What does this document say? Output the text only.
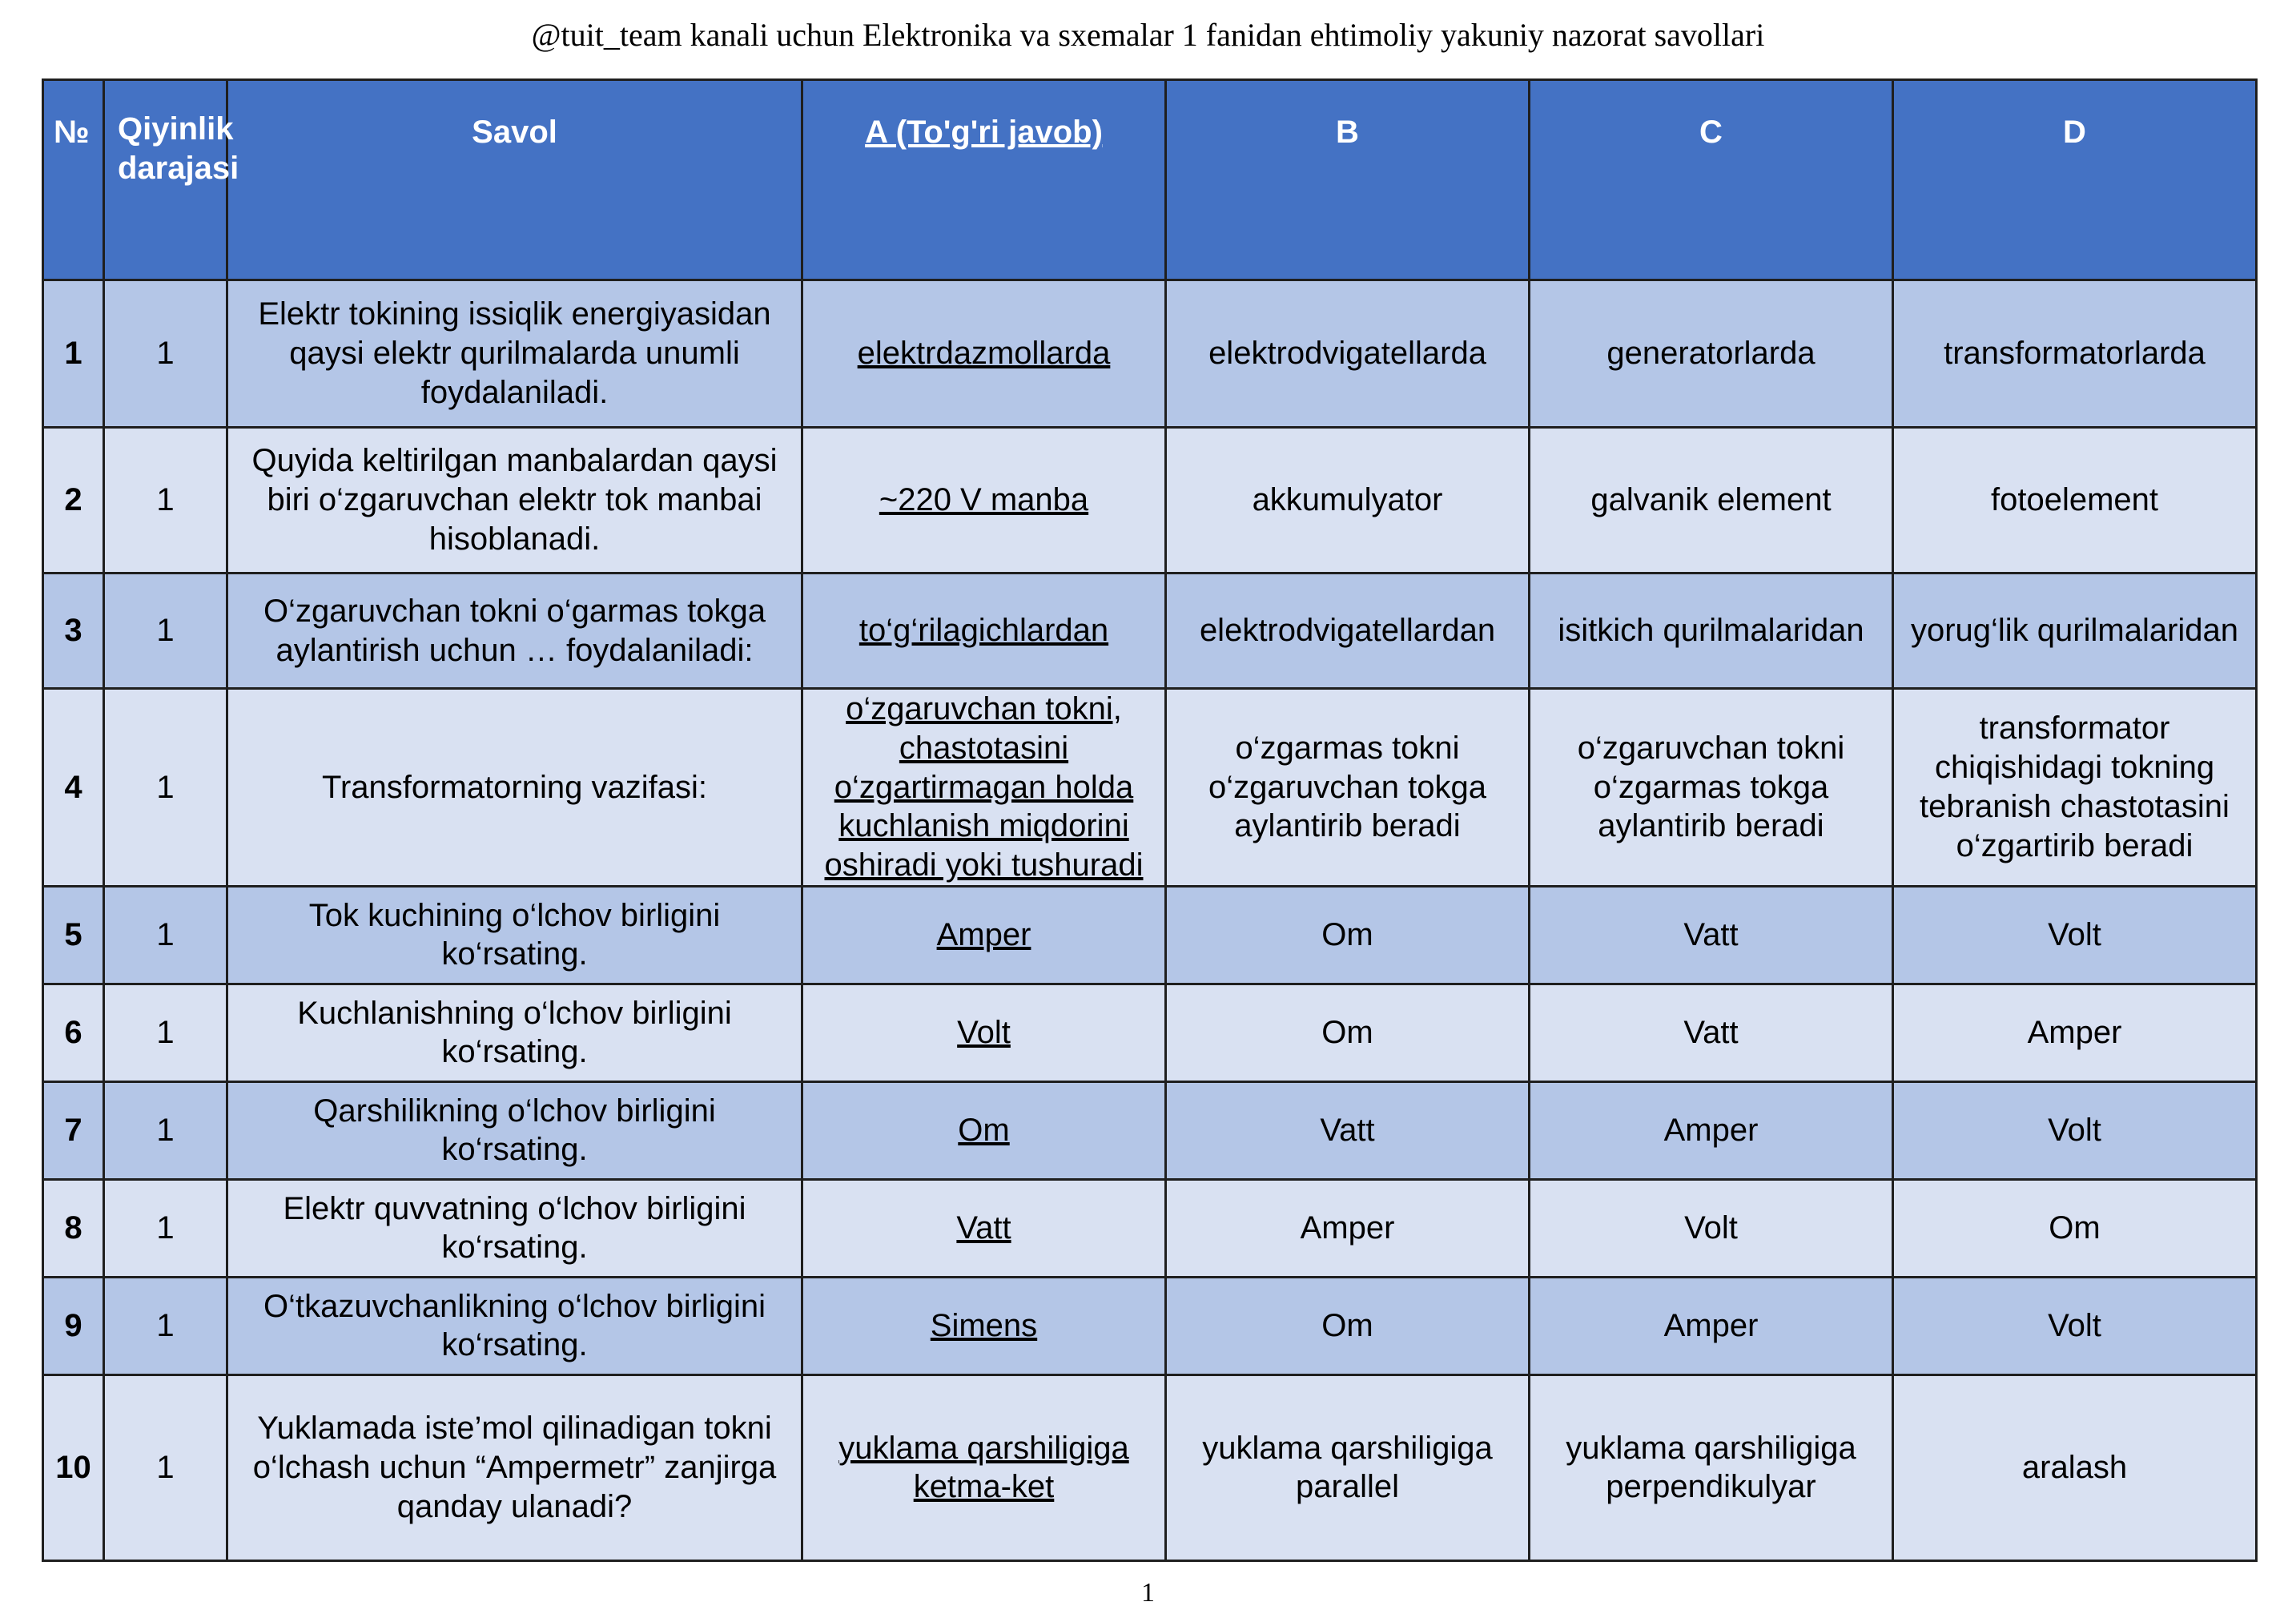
@tuit_team kanali uchun Elektronika va sxemalar 1 fanidan ehtimoliy yakuniy nazorat savollari
№	Qiyinlik darajasi	Savol	A (To'g'ri javob)	B	C	D
1	1	Elektr tokining issiqlik energiyasidan qaysi elektr qurilmalarda unumli foydalaniladi.	elektrdazmollarda	elektrodvigatellarda	generatorlarda	transformatorlarda
2	1	Quyida keltirilgan manbalardan qaysi biri o‘zgaruvchan elektr tok manbai hisoblanadi.	~220 V manba	akkumulyator	galvanik element	fotoelement
3	1	O‘zgaruvchan tokni o‘garmas tokga aylantirish uchun … foydalaniladi:	to‘g‘rilagichlardan	elektrodvigatellardan	isitkich qurilmalaridan	yorug‘lik qurilmalaridan
4	1	Transformatorning vazifasi:	o‘zgaruvchan tokni, chastotasini o‘zgartirmagan holda kuchlanish miqdorini oshiradi yoki tushuradi	o‘zgarmas tokni o‘zgaruvchan tokga aylantirib beradi	o‘zgaruvchan tokni o‘zgarmas tokga aylantirib beradi	transformator chiqishidagi tokning tebranish chastotasini o‘zgartirib beradi
5	1	Tok kuchining o‘lchov birligini ko‘rsating.	Amper	Om	Vatt	Volt
6	1	Kuchlanishning o‘lchov birligini ko‘rsating.	Volt	Om	Vatt	Amper
7	1	Qarshilikning o‘lchov birligini ko‘rsating.	Om	Vatt	Amper	Volt
8	1	Elektr quvvatning o‘lchov birligini ko‘rsating.	Vatt	Amper	Volt	Om
9	1	O‘tkazuvchanlikning o‘lchov birligini ko‘rsating.	Simens	Om	Amper	Volt
10	1	Yuklamada iste’mol qilinadigan tokni o‘lchash uchun “Ampermetr” zanjirga qanday ulanadi?	yuklama qarshiligiga ketma-ket	yuklama qarshiligiga parallel	yuklama qarshiligiga perpendikulyar	aralash
1
